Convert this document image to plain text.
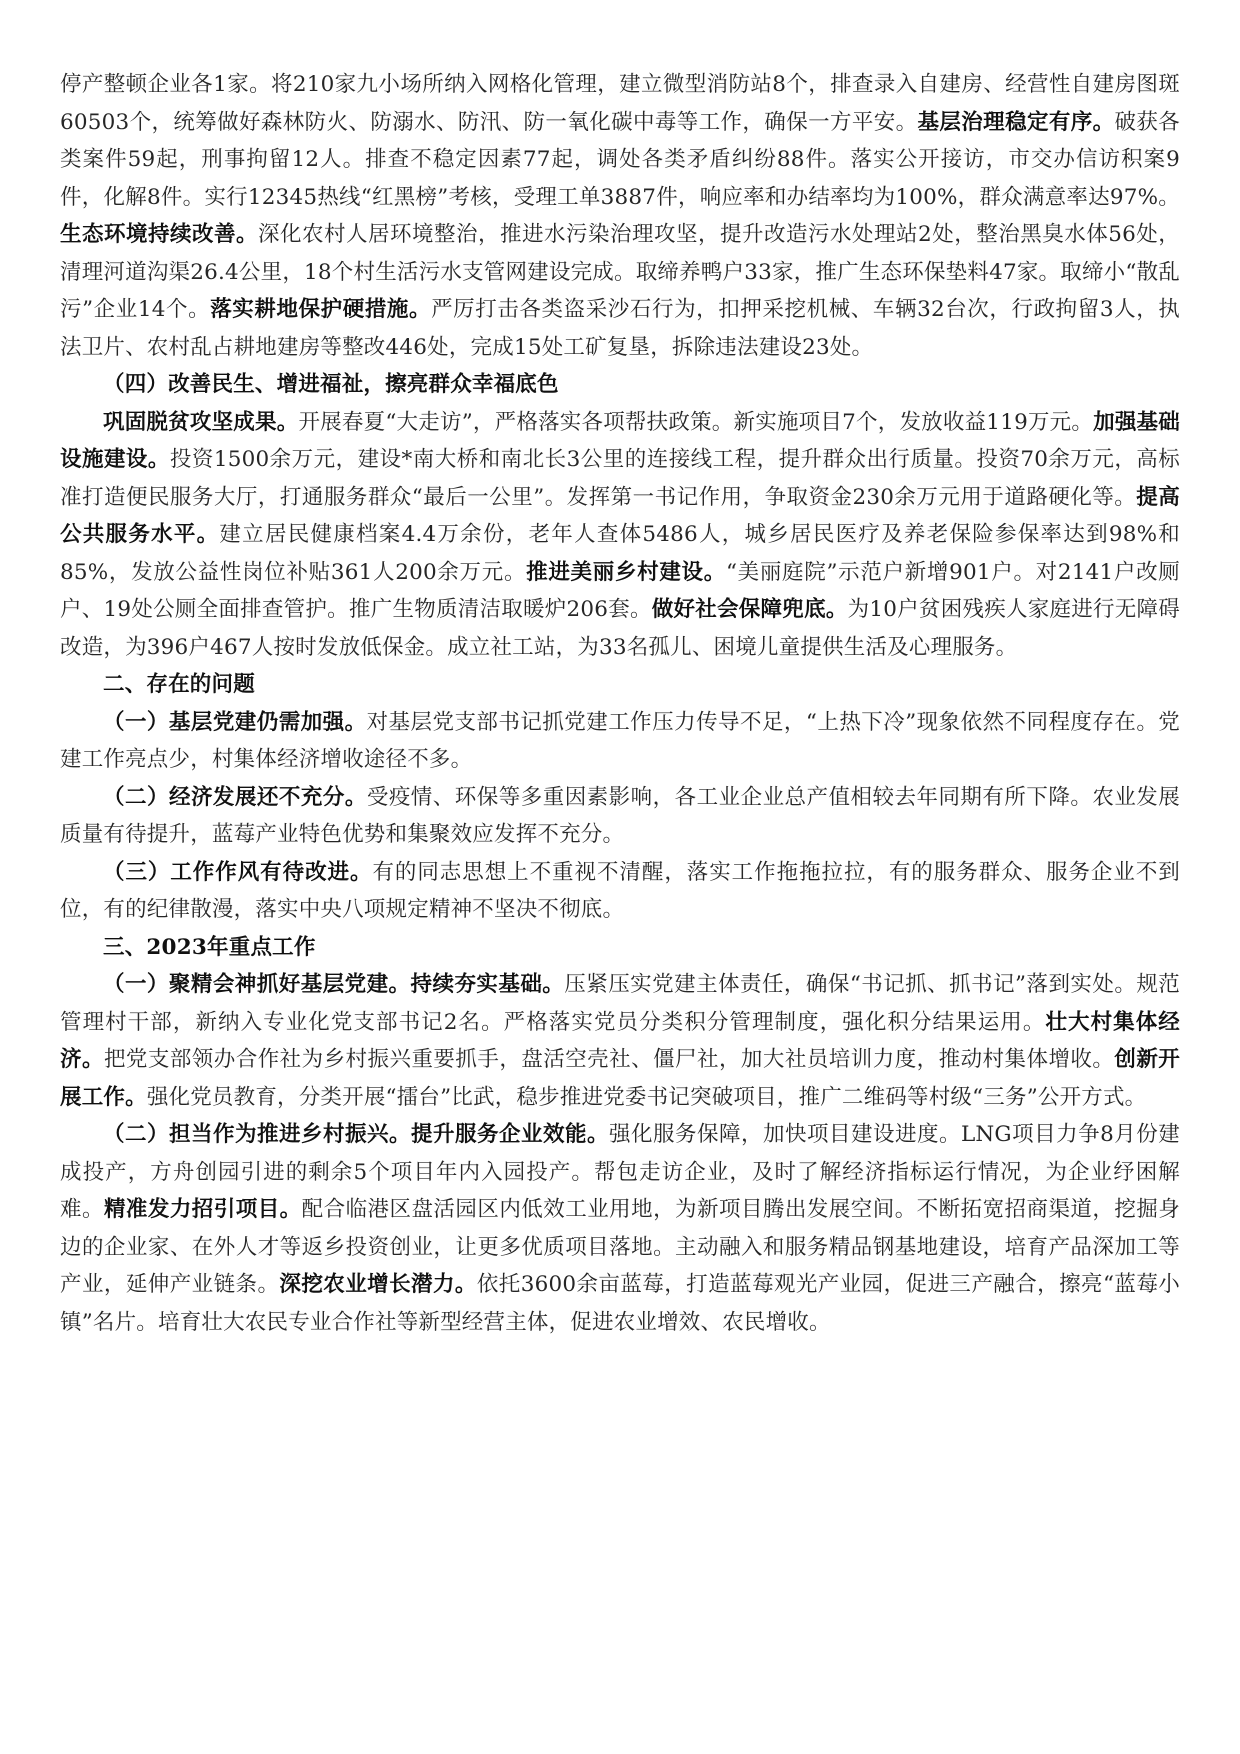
停产整顿企业各1家。将210家九小场所纳入网格化管理，建立微型消防站8个，排查录入自建房、经营性自建房图斑60503个，统筹做好森林防火、防溺水、防汛、防一氧化碳中毒等工作，确保一方平安。基层治理稳定有序。破获各类案件59起，刑事拘留12人。排查不稳定因素77起，调处各类矛盾纠纷88件。落实公开接访，市交办信访积案9件，化解8件。实行12345热线“红黑榜”考核，受理工单3887件，响应率和办结率均为100%，群众满意率达97%。生态环境持续改善。深化农村人居环境整治，推进水污染治理攻坚，提升改造污水处理站2处，整治黑臭水体56处，清理河道沟渠26.4公里，18个村生活污水支管网建设完成。取缔养鸭户33家，推广生态环保垫料47家。取缔小“散乱污”企业14个。落实耕地保护硬措施。严厉打击各类盗采沙石行为，扣押采挖机械、车辆32台次，行政拘留3人，执法卫片、农村乱占耕地建房等整改446处，完成15处工矿复垦，拆除违法建设23处。

（四）改善民生、增进福祉，擦亮群众幸福底色

巩固脱贫攻坚成果。开展春夏“大走访”，严格落实各项帮扶政策。新实施项目7个，发放收益119万元。加强基础设施建设。投资1500余万元，建设*南大桥和南北长3公里的连接线工程，提升群众出行质量。投资70余万元，高标准打造便民服务大厅，打通服务群众“最后一公里”。发挥第一书记作用，争取资金230余万元用于道路硬化等。提高公共服务水平。建立居民健康档案4.4万余份，老年人查体5486人，城乡居民医疗及养老保险参保率达到98%和85%，发放公益性岗位补贴361人200余万元。推进美丽乡村建设。“美丽庭院”示范户新增901户。对2141户改厕户、19处公厕全面排查管护。推广生物质清洁取暖炉206套。做好社会保障兜底。为10户贫困残疾人家庭进行无障碍改造，为396户467人按时发放低保金。成立社工站，为33名孤儿、困境儿童提供生活及心理服务。

二、存在的问题

（一）基层党建仍需加强。对基层党支部书记抓党建工作压力传导不足，“上热下冷”现象依然不同程度存在。党建工作亮点少，村集体经济增收途径不多。

（二）经济发展还不充分。受疫情、环保等多重因素影响，各工业企业总产值相较去年同期有所下降。农业发展质量有待提升，蓝莓产业特色优势和集聚效应发挥不充分。

（三）工作作风有待改进。有的同志思想上不重视不清醒，落实工作拖拖拉拉，有的服务群众、服务企业不到位，有的纪律散漫，落实中央八项规定精神不坚决不彻底。

三、2023年重点工作

（一）聚精会神抓好基层党建。持续夯实基础。压紧压实党建主体责任，确保“书记抓、抓书记”落到实处。规范管理村干部，新纳入专业化党支部书记2名。严格落实党员分类积分管理制度，强化积分结果运用。壮大村集体经济。把党支部领办合作社为乡村振兴重要抓手，盘活空壳社、僵尸社，加大社员培训力度，推动村集体增收。创新开展工作。强化党员教育，分类开展“擂台”比武，稳步推进党委书记突破项目，推广二维码等村级“三务”公开方式。

（二）担当作为推进乡村振兴。提升服务企业效能。强化服务保障，加快项目建设进度。LNG项目力争8月份建成投产，方舟创园引进的剩余5个项目年内入园投产。帮包走访企业，及时了解经济指标运行情况，为企业纾困解难。精准发力招引项目。配合临港区盘活园区内低效工业用地，为新项目腾出发展空间。不断拓宽招商渠道，挖掘身边的企业家、在外人才等返乡投资创业，让更多优质项目落地。主动融入和服务精品钢基地建设，培育产品深加工等产业，延伸产业链条。深挖农业增长潜力。依托3600余亩蓝莓，打造蓝莓观光产业园，促进三产融合，擦亮“蓝莓小镇”名片。培育壮大农民专业合作社等新型经营主体，促进农业增效、农民增收。
